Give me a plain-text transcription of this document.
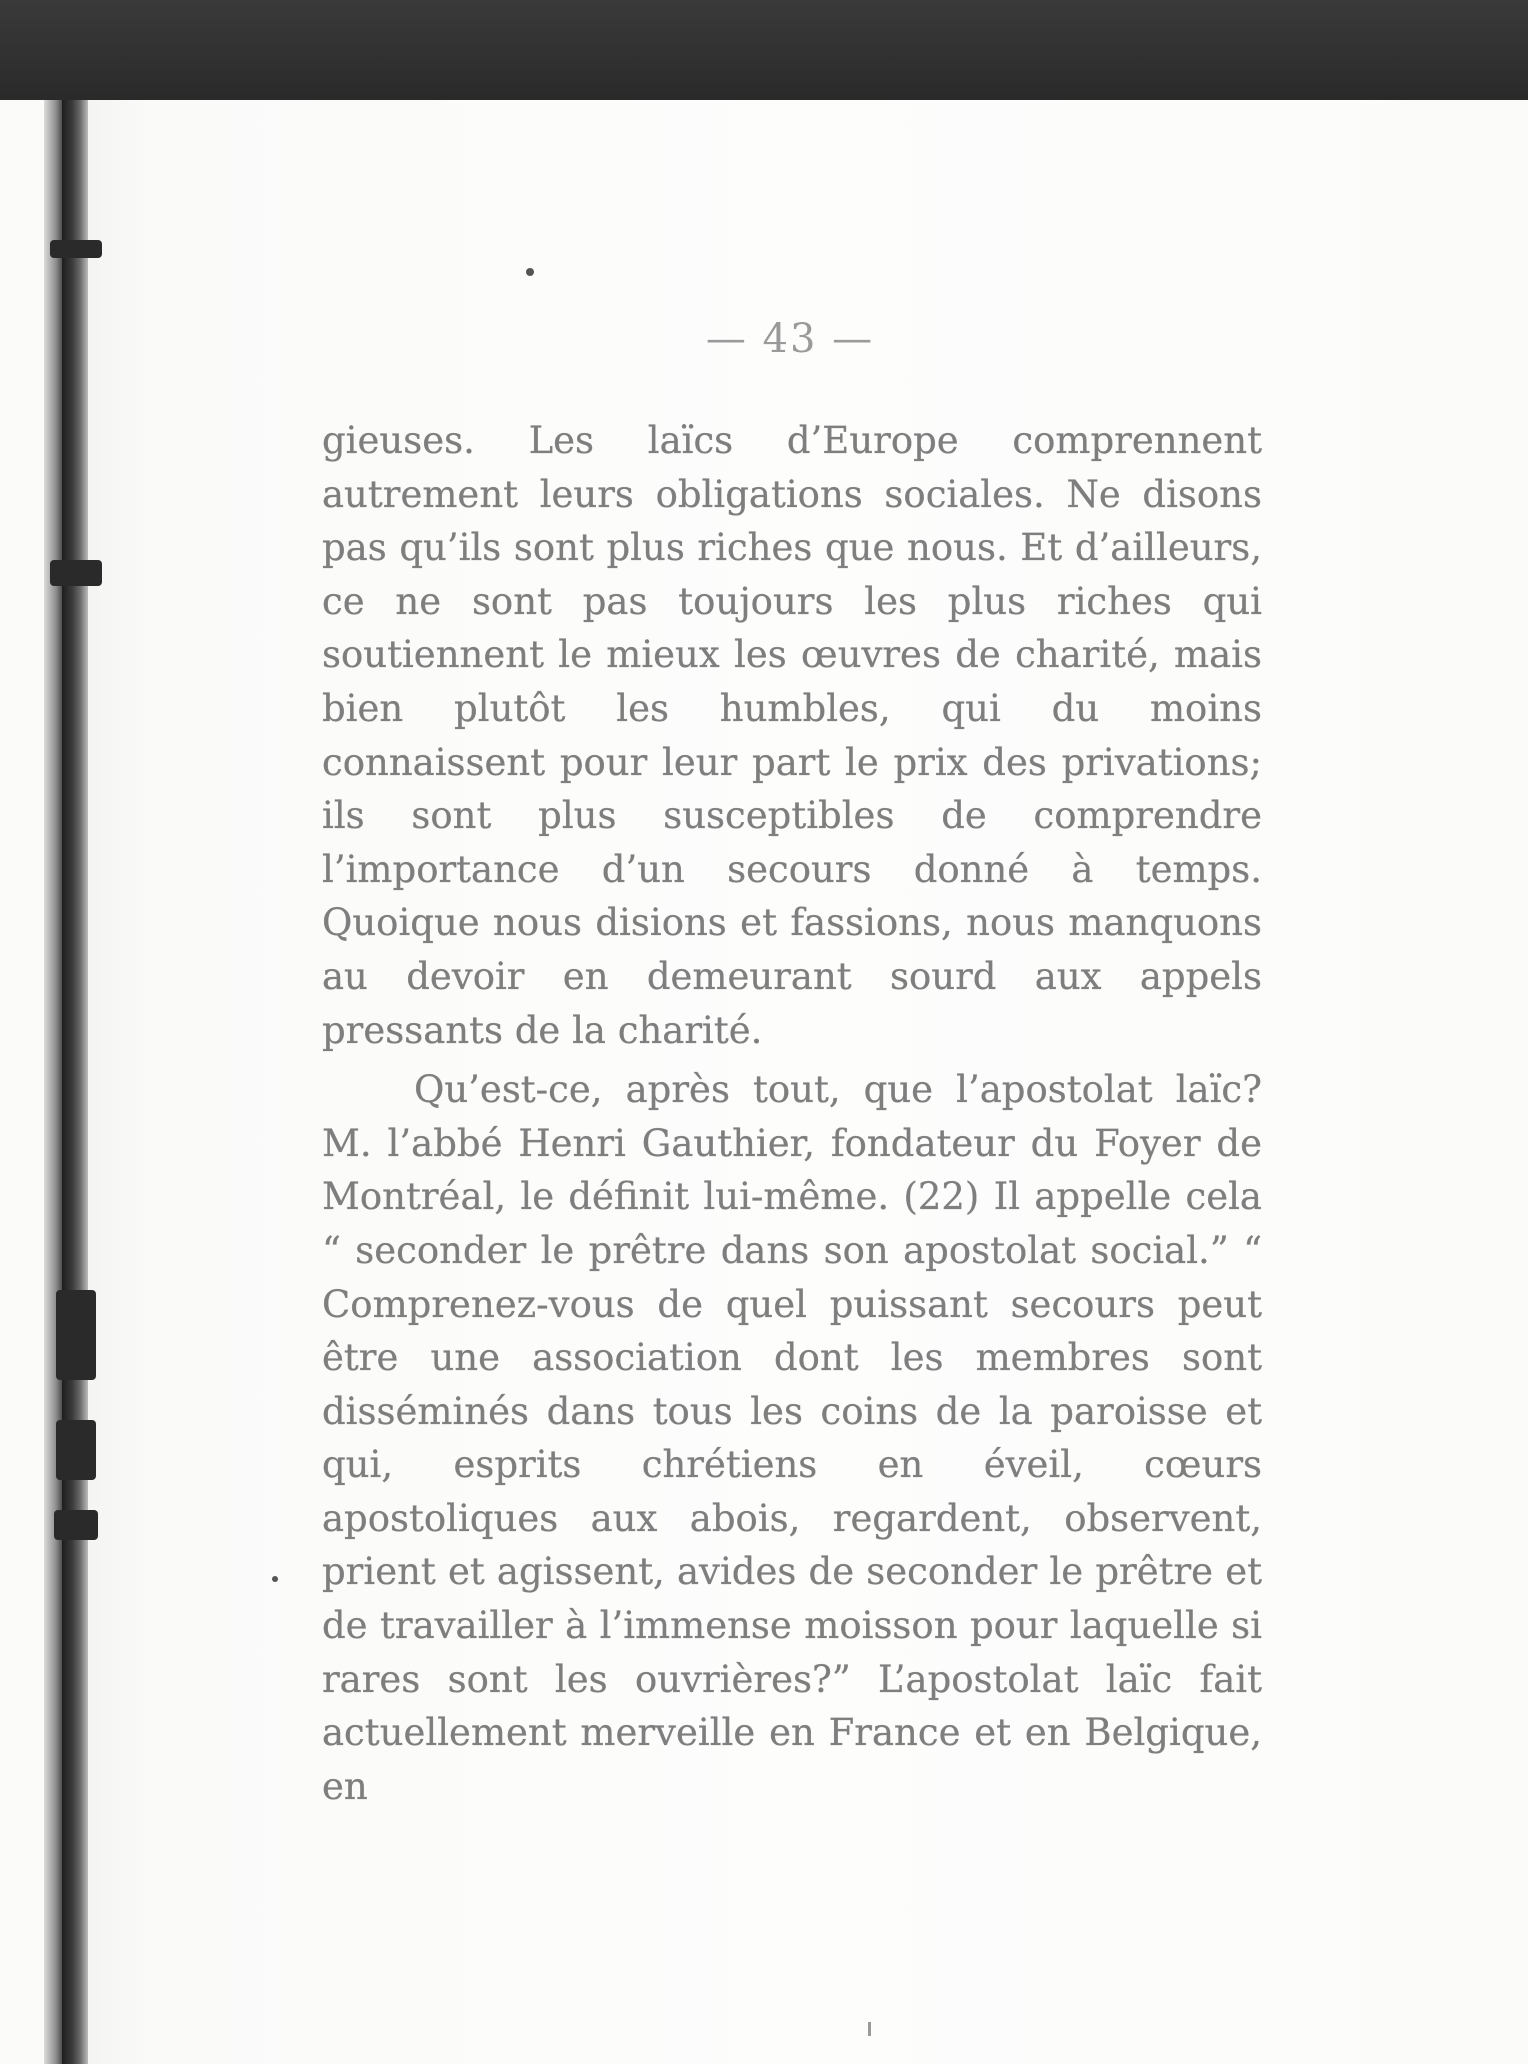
— 43 —

gieuses. Les laïcs d’Europe comprennent autrement leurs obligations sociales. Ne disons pas qu’ils sont plus riches que nous. Et d’ailleurs, ce ne sont pas toujours les plus riches qui soutiennent le mieux les œuvres de charité, mais bien plutôt les humbles, qui du moins connaissent pour leur part le prix des privations; ils sont plus susceptibles de comprendre l’importance d’un secours donné à temps. Quoique nous disions et fassions, nous manquons au devoir en demeurant sourd aux appels pressants de la charité.

Qu’est-ce, après tout, que l’apostolat laïc? M. l’abbé Henri Gauthier, fondateur du Foyer de Montréal, le définit lui-même. (22) Il appelle cela “ seconder le prêtre dans son apostolat social.” “ Comprenez-vous de quel puissant secours peut être une association dont les membres sont disséminés dans tous les coins de la paroisse et qui, esprits chrétiens en éveil, cœurs apostoliques aux abois, regardent, observent, prient et agissent, avides de seconder le prêtre et de travailler à l’immense moisson pour laquelle si rares sont les ouvrières?” L’apostolat laïc fait actuellement merveille en France et en Belgique, en
